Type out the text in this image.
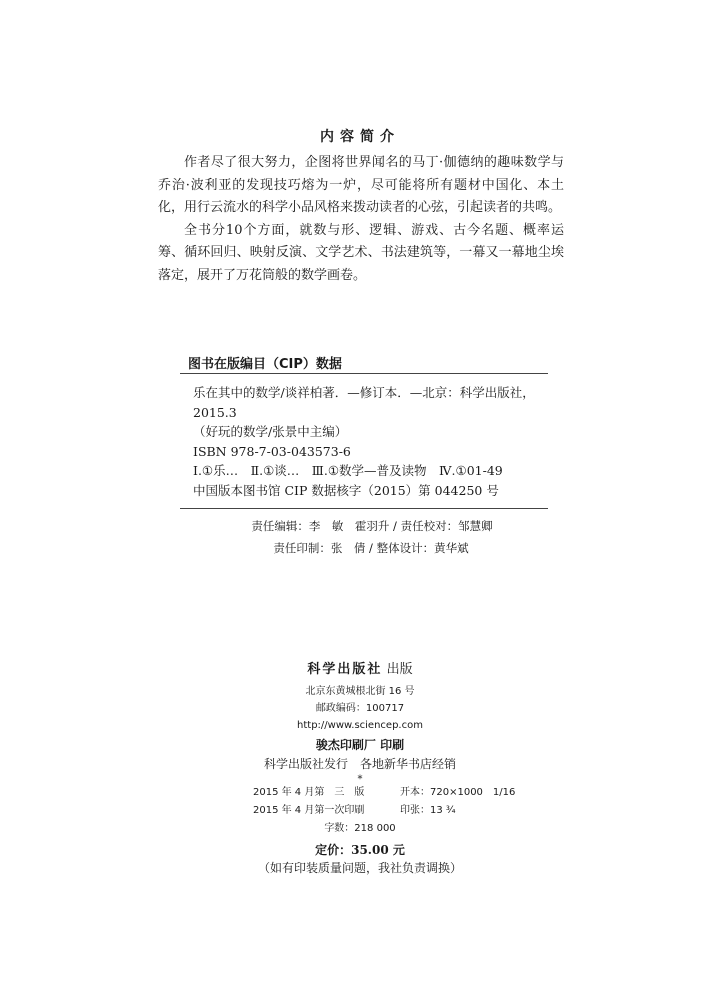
内容简介

作者尽了很大努力，企图将世界闻名的马丁·伽德纳的趣味数学与乔治·波利亚的发现技巧熔为一炉，尽可能将所有题材中国化、本土化，用行云流水的科学小品风格来拨动读者的心弦，引起读者的共鸣。

全书分10个方面，就数与形、逻辑、游戏、古今名题、概率运筹、循环回归、映射反演、文学艺术、书法建筑等，一幕又一幕地尘埃落定，展开了万花筒般的数学画卷。

图书在版编目（CIP）数据
乐在其中的数学/谈祥柏著．—修订本．—北京：科学出版社，
2015.3
（好玩的数学/张景中主编）
ISBN 978-7-03-043573-6
Ⅰ.①乐…　Ⅱ.①谈…　Ⅲ.①数学—普及读物　Ⅳ.①01-49
中国版本图书馆 CIP 数据核字（2015）第 044250 号
责任编辑：李　敏　霍羽升 / 责任校对：邹慧卿
责任印制：张　倩 / 整体设计：黄华斌
科学出版社 出版
北京东黄城根北街 16 号
邮政编码：100717
http://www.sciencep.com
骏杰印刷厂 印刷
科学出版社发行　各地新华书店经销
*
2015 年 4 月第　三　版	开本：720×1000　1/16
2015 年 4 月第一次印刷	印张：13 ¾
字数：218 000
定价：35.00 元
（如有印装质量问题，我社负责调换）
